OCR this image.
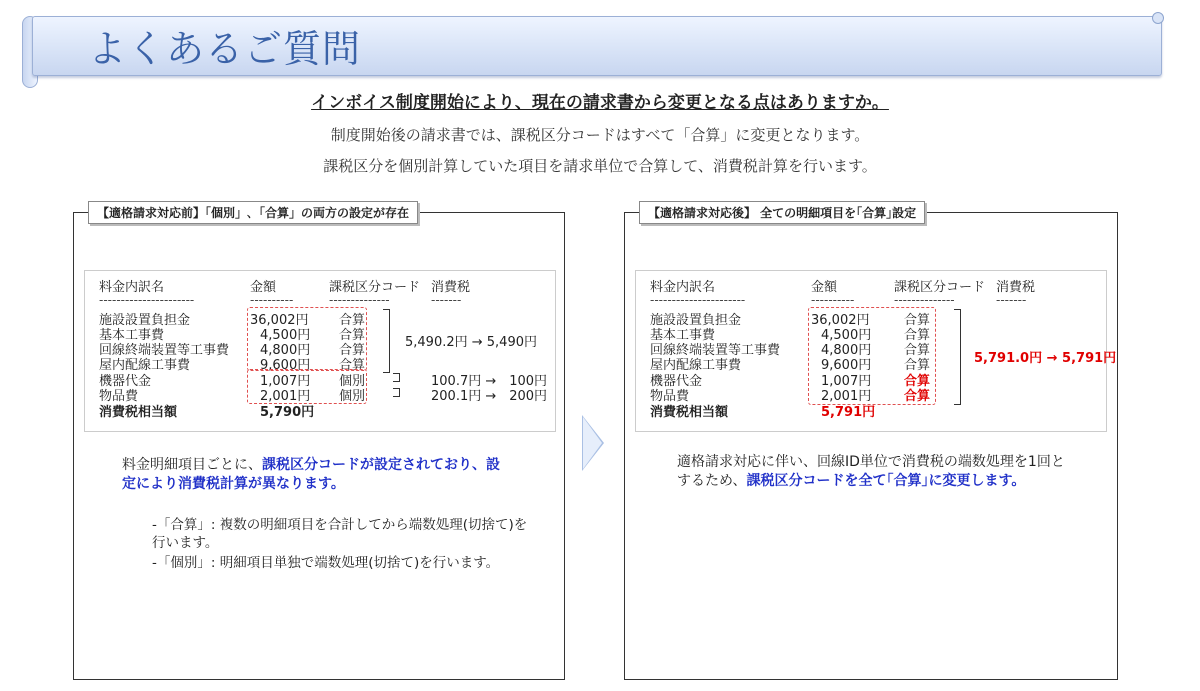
よくあるご質問
インボイス制度開始により、現在の請求書から変更となる点はありますか。
制度開始後の請求書では、課税区分コードはすべて「合算」に変更となります。
課税区分を個別計算していた項目を請求単位で合算して、消費税計算を行います。
【適格請求対応前】「個別」､「合算」の両方の設定が存在
料金内訳名	金額	課税区分コード 消費税
----------------------	----------	--------------	-------
施設設置負担金	36,002円 合算
基本工事費	4,500円 合算
回線終端装置等工事費 4,800円 合算
屋内配線工事費	9,600円 合算
機器代金	1,007円 個別
物品費	2,001円 個別
消費税相当額	5,790円
5,490.2円 → 5,490円
100.7円 →　100円
200.1円 →　200円
料金明細項目ごとに、課税区分コードが設定されており、設定により消費税計算が異なります。
-「合算」: 複数の明細項目を合計してから端数処理(切捨て)を行います。
-「個別」: 明細項目単独で端数処理(切捨て)を行います。
【適格請求対応後】 全ての明細項目を｢合算｣設定
料金内訳名	金額	課税区分コード 消費税
----------------------	----------	--------------	-------
施設設置負担金	36,002円	合算
基本工事費	4,500円	合算
回線終端装置等工事費	4,800円	合算
屋内配線工事費	9,600円	合算
機器代金	1,007円	合算
物品費	2,001円	合算
消費税相当額	5,791円
5,791.0円 → 5,791円
適格請求対応に伴い、回線ID単位で消費税の端数処理を1回とするため、課税区分コードを全て｢合算｣に変更します。
